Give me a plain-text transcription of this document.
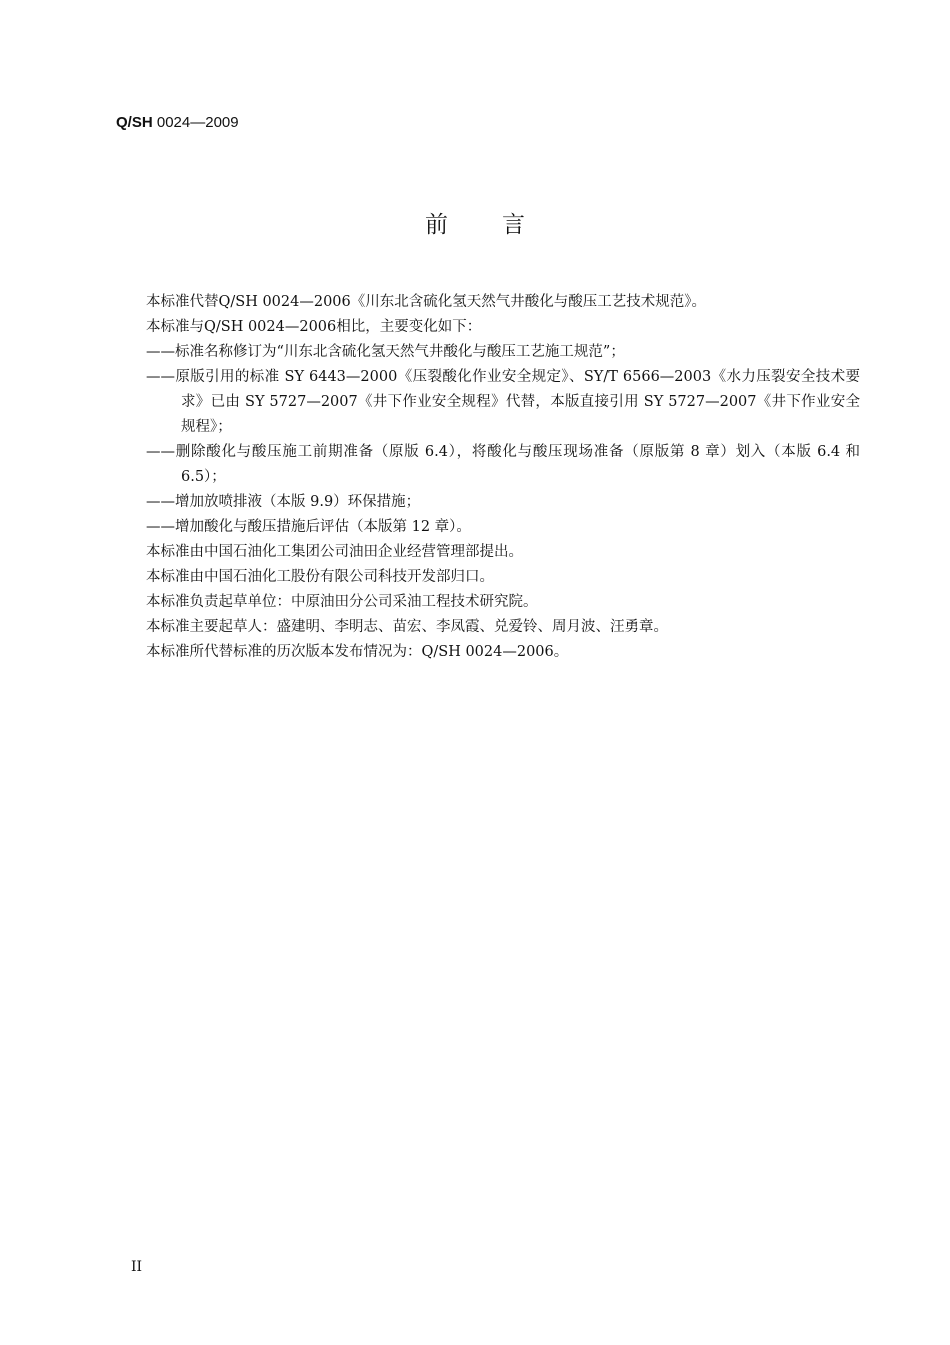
Q/SH 0024—2009
前言

本标准代替Q/SH 0024—2006《川东北含硫化氢天然气井酸化与酸压工艺技术规范》。

本标准与Q/SH 0024—2006相比，主要变化如下：

——标准名称修订为“川东北含硫化氢天然气井酸化与酸压工艺施工规范”；

——原版引用的标准 SY 6443—2000《压裂酸化作业安全规定》、SY/T 6566—2003《水力压裂安全技术要求》已由 SY 5727—2007《井下作业安全规程》代替，本版直接引用 SY 5727—2007《井下作业安全规程》；

——删除酸化与酸压施工前期准备（原版 6.4），将酸化与酸压现场准备（原版第 8 章）划入（本版 6.4 和 6.5）；

——增加放喷排液（本版 9.9）环保措施；

——增加酸化与酸压措施后评估（本版第 12 章）。

本标准由中国石油化工集团公司油田企业经营管理部提出。

本标准由中国石油化工股份有限公司科技开发部归口。

本标准负责起草单位：中原油田分公司采油工程技术研究院。

本标准主要起草人：盛建明、李明志、苗宏、李凤霞、兑爱铃、周月波、汪勇章。

本标准所代替标准的历次版本发布情况为：Q/SH 0024—2006。

II
